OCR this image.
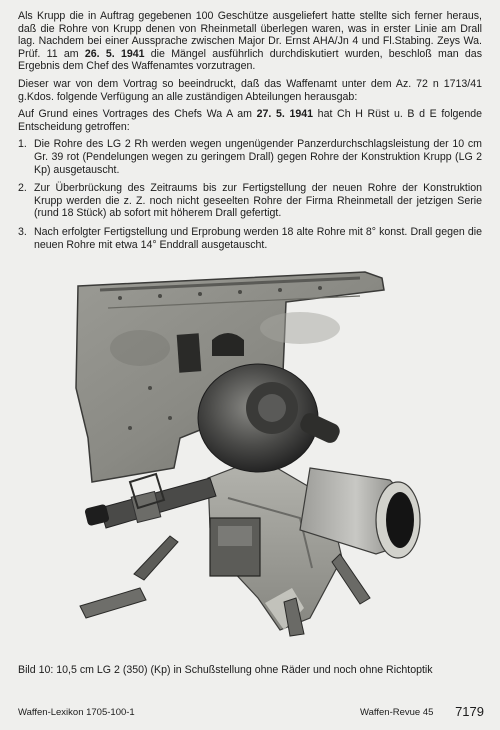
Als Krupp die in Auftrag gegebenen 100 Geschütze ausgeliefert hatte stellte sich ferner heraus, daß die Rohre von Krupp denen von Rheinmetall überlegen waren, was in erster Linie am Drall lag. Nachdem bei einer Aussprache zwischen Major Dr. Ernst AHA/Jn 4 und Fl.Stabing. Zeys Wa. Prüf. 11 am 26. 5. 1941 die Mängel ausführlich durchdiskutiert wurden, beschloß man das Ergebnis dem Chef des Waffenamtes vorzutragen.

Dieser war von dem Vortrag so beeindruckt, daß das Waffenamt unter dem Az. 72 n 1713/41 g.Kdos. folgende Verfügung an alle zuständigen Abteilungen herausgab:

Auf Grund eines Vortrages des Chefs Wa A am 27. 5. 1941 hat Ch H Rüst u. B d E folgende Entscheidung getroffen:

1. Die Rohre des LG 2 Rh werden wegen ungenügender Panzerdurchschlagsleistung der 10 cm Gr. 39 rot (Pendelungen wegen zu geringem Drall) gegen Rohre der Konstruktion Krupp (LG 2 Kp) ausgetauscht.
2. Zur Überbrückung des Zeitraums bis zur Fertigstellung der neuen Rohre der Konstruktion Krupp werden die z. Z. noch nicht geseelten Rohre der Firma Rheinmetall der jetzigen Serie (rund 18 Stück) ab sofort mit höherem Drall gefertigt.
3. Nach erfolgter Fertigstellung und Erprobung werden 18 alte Rohre mit 8° konst. Drall gegen die neuen Rohre mit etwa 14° Enddrall ausgetauscht.
Bild 10: 10,5 cm LG 2 (350) (Kp) in Schußstellung ohne Räder und noch ohne Richtoptik
Waffen-Lexikon 1705-100-1	Waffen-Revue 45 7179
